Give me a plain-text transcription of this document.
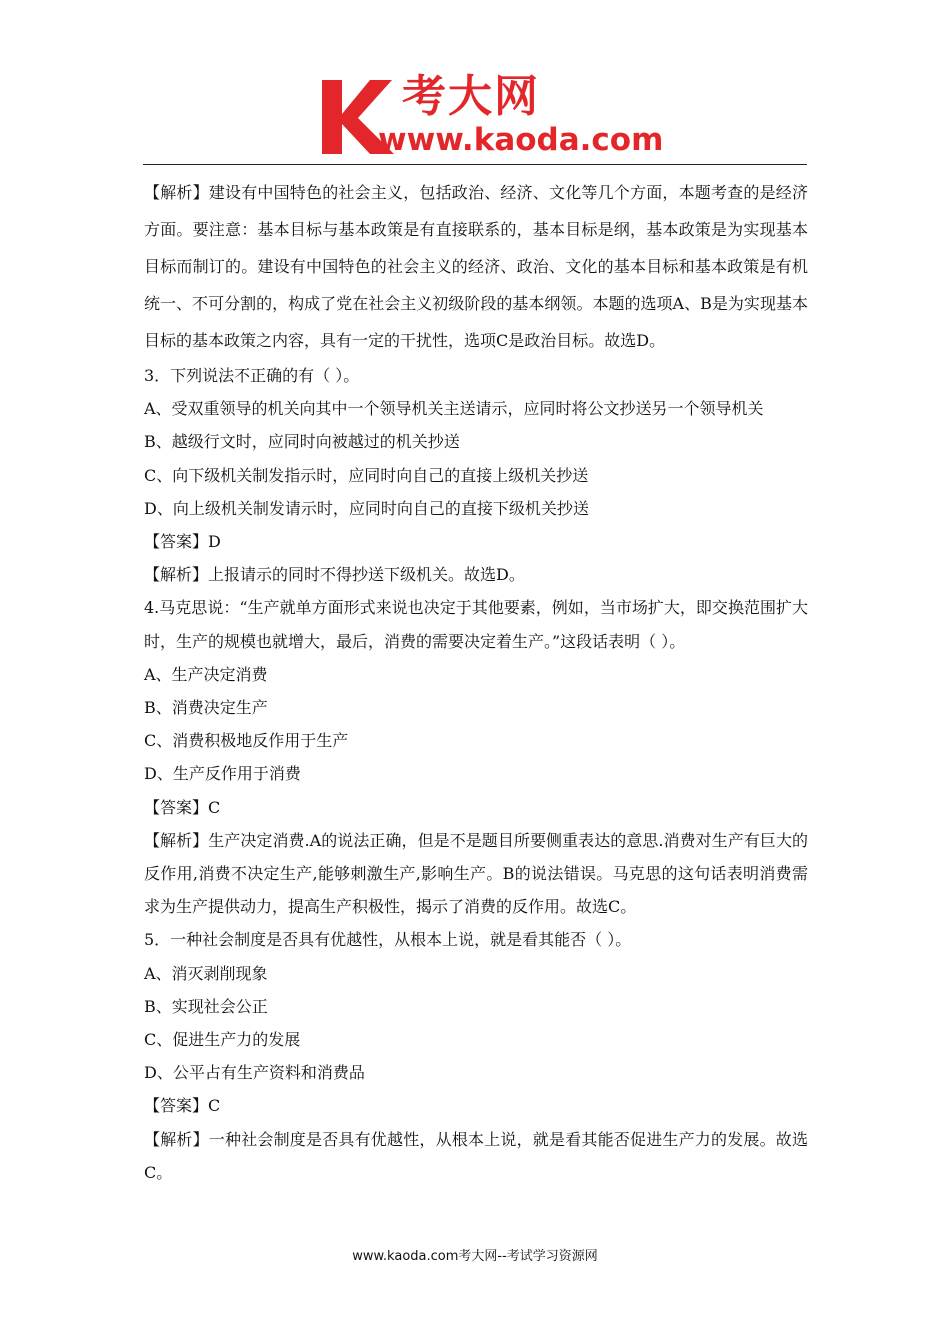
考大网
www.kaoda.com

【解析】建设有中国特色的社会主义，包括政治、经济、文化等几个方面，本题考查的是经济方面。要注意：基本目标与基本政策是有直接联系的，基本目标是纲，基本政策是为实现基本目标而制订的。建设有中国特色的社会主义的经济、政治、文化的基本目标和基本政策是有机统一、不可分割的，构成了党在社会主义初级阶段的基本纲领。本题的选项A、B是为实现基本目标的基本政策之内容，具有一定的干扰性，选项C是政治目标。故选D。

3．下列说法不正确的有（ ）。

A、受双重领导的机关向其中一个领导机关主送请示，应同时将公文抄送另一个领导机关

B、越级行文时，应同时向被越过的机关抄送

C、向下级机关制发指示时，应同时向自己的直接上级机关抄送

D、向上级机关制发请示时，应同时向自己的直接下级机关抄送

【答案】D

【解析】上报请示的同时不得抄送下级机关。故选D。

4.马克思说：“生产就单方面形式来说也决定于其他要素，例如，当市场扩大，即交换范围扩大时，生产的规模也就增大，最后，消费的需要决定着生产。”这段话表明（ ）。

A、生产决定消费

B、消费决定生产

C、消费积极地反作用于生产

D、生产反作用于消费

【答案】C

【解析】生产决定消费.A的说法正确，但是不是题目所要侧重表达的意思.消费对生产有巨大的反作用,消费不决定生产,能够刺激生产,影响生产。B的说法错误。马克思的这句话表明消费需求为生产提供动力，提高生产积极性，揭示了消费的反作用。故选C。

5．一种社会制度是否具有优越性，从根本上说，就是看其能否（ ）。

A、消灭剥削现象

B、实现社会公正

C、促进生产力的发展

D、公平占有生产资料和消费品

【答案】C

【解析】一种社会制度是否具有优越性，从根本上说，就是看其能否促进生产力的发展。故选C。

www.kaoda.com考大网--考试学习资源网
